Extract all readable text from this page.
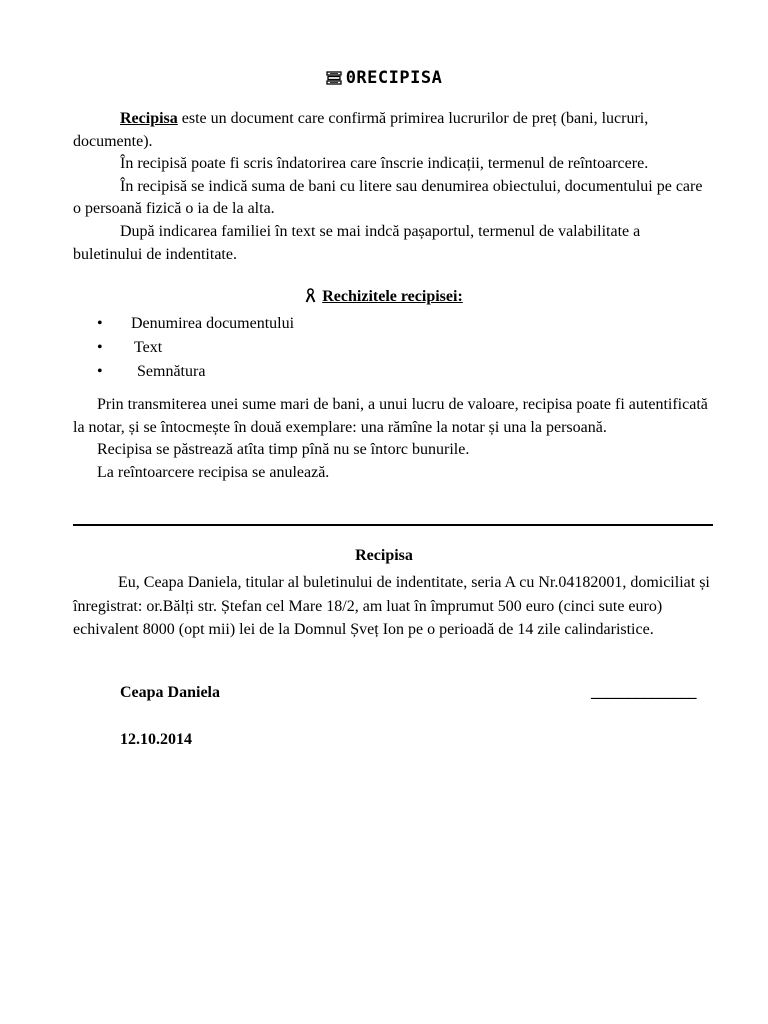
0RECIPISA

Recipisa este un document care confirmă primirea lucrurilor de preț (bani, lucruri, documente).

În recipisă poate fi scris îndatorirea care înscrie indicații, termenul de reîntoarcere.

În recipisă se indică suma de bani cu litere sau denumirea obiectului, documentului pe care o persoană fizică o ia de la alta.

După indicarea familiei în text se mai indcă pașaportul, termenul de valabilitate a buletinului de indentitate.

Rechizitele recipisei:
• Denumirea documentului
• Text
• Semnătura

Prin transmiterea unei sume mari de bani, a unui lucru de valoare, recipisa poate fi autentificată la notar, și se întocmește în două exemplare: una rămîne la notar și una la persoană.

Recipisa se păstrează atîta timp pînă nu se întorc bunurile.

La reîntoarcere recipisa se anulează.

Recipisa

Eu, Ceapa Daniela, titular al buletinului de indentitate, seria A cu Nr.04182001, domiciliat și înregistrat: or.Bălți str. Ștefan cel Mare 18/2, am luat în împrumut 500 euro (cinci sute euro) echivalent 8000 (opt mii) lei de la Domnul Șveț Ion pe o perioadă de 14 zile calindaristice.

Ceapa Daniela	______________
12.10.2014
